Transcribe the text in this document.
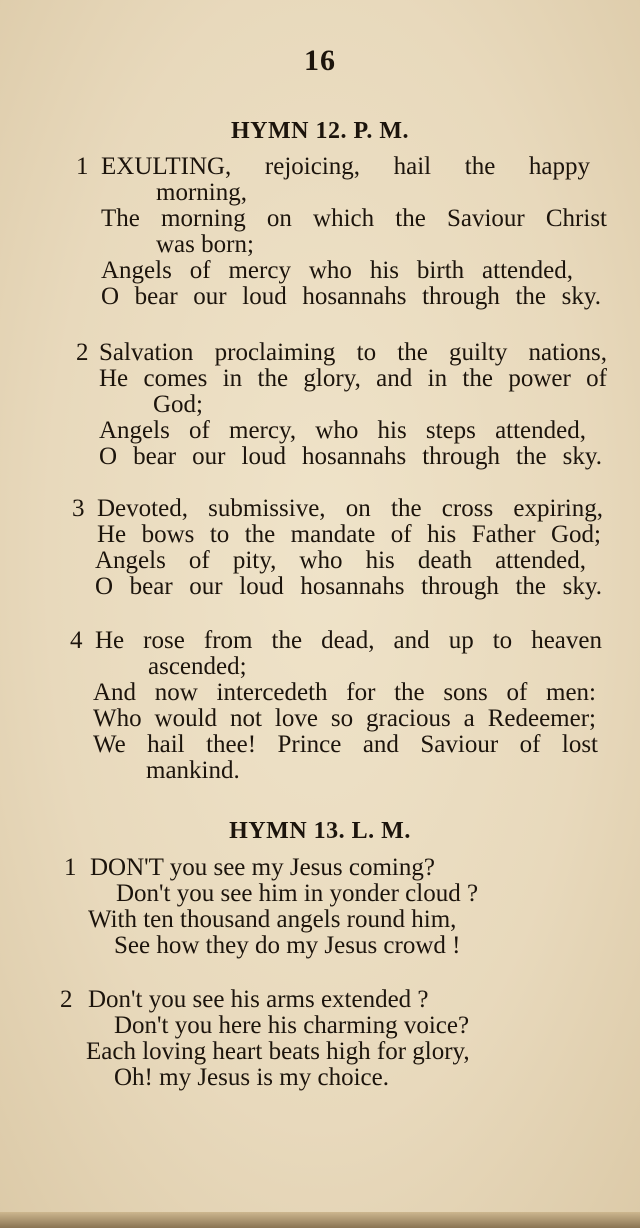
16
HYMN 12. P. M.
1 EXULTING, rejoicing, hail the happy
morning,
The morning on which the Saviour Christ
was born;
Angels of mercy who his birth attended,
O bear our loud hosannahs through the sky.
2 Salvation proclaiming to the guilty nations,
He comes in the glory, and in the power of
God;
Angels of mercy, who his steps attended,
O bear our loud hosannahs through the sky.
3 Devoted, submissive, on the cross expiring,
He bows to the mandate of his Father God;
Angels of pity, who his death attended,
O bear our loud hosannahs through the sky.
4 He rose from the dead, and up to heaven
ascended;
And now intercedeth for the sons of men:
Who would not love so gracious a Redeemer;
We hail thee! Prince and Saviour of lost
mankind.
HYMN 13. L. M.
1 DON'T you see my Jesus coming?
Don't you see him in yonder cloud ?
With ten thousand angels round him,
See how they do my Jesus crowd !
2 Don't you see his arms extended ?
Don't you here his charming voice?
Each loving heart beats high for glory,
Oh! my Jesus is my choice.
